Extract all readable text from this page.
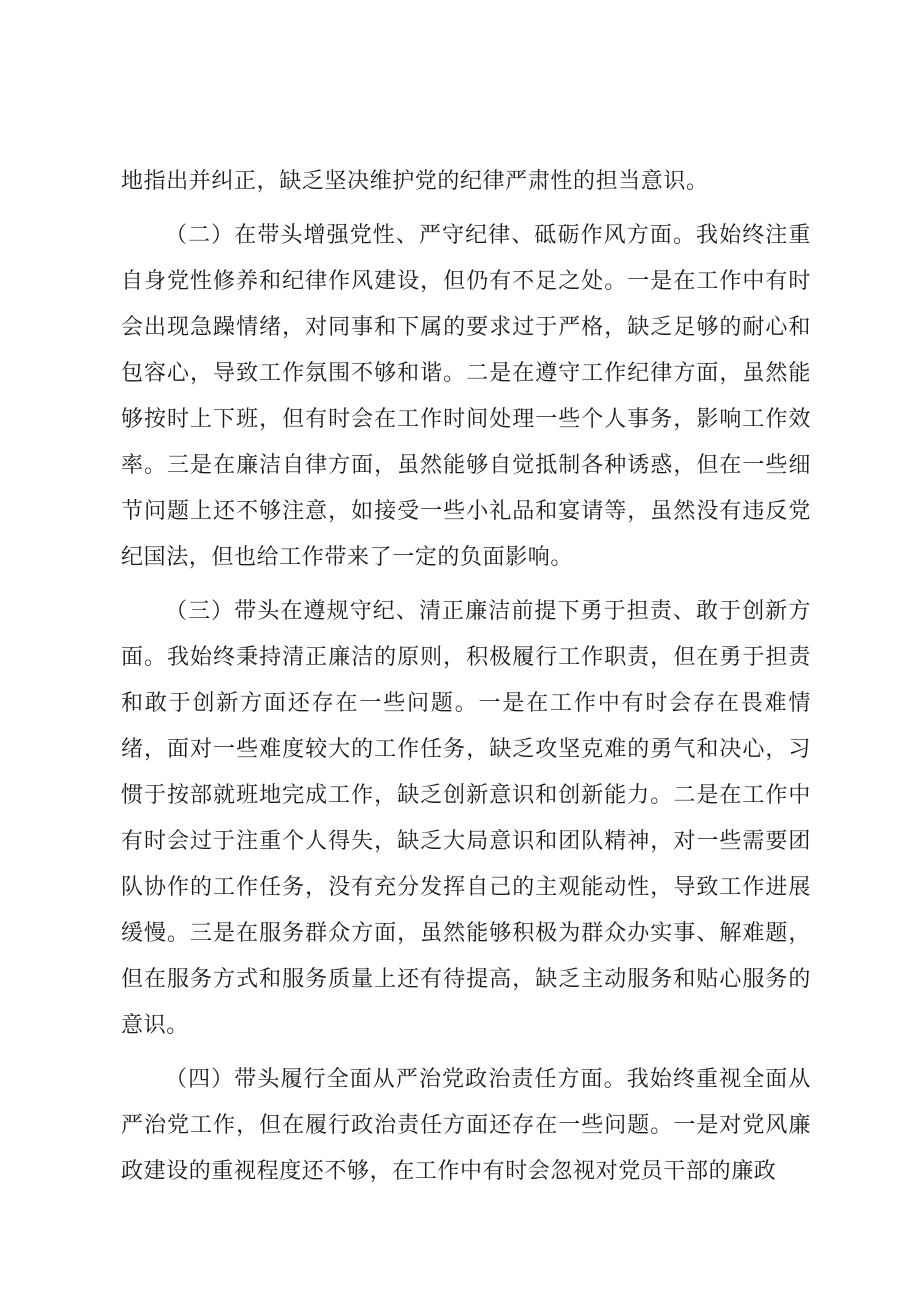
地指出并纠正，缺乏坚决维护党的纪律严肃性的担当意识。

（二）在带头增强党性、严守纪律、砥砺作风方面。我始终注重自身党性修养和纪律作风建设，但仍有不足之处。一是在工作中有时会出现急躁情绪，对同事和下属的要求过于严格，缺乏足够的耐心和包容心，导致工作氛围不够和谐。二是在遵守工作纪律方面，虽然能够按时上下班，但有时会在工作时间处理一些个人事务，影响工作效率。三是在廉洁自律方面，虽然能够自觉抵制各种诱惑，但在一些细节问题上还不够注意，如接受一些小礼品和宴请等，虽然没有违反党纪国法，但也给工作带来了一定的负面影响。

（三）带头在遵规守纪、清正廉洁前提下勇于担责、敢于创新方面。我始终秉持清正廉洁的原则，积极履行工作职责，但在勇于担责和敢于创新方面还存在一些问题。一是在工作中有时会存在畏难情绪，面对一些难度较大的工作任务，缺乏攻坚克难的勇气和决心，习惯于按部就班地完成工作，缺乏创新意识和创新能力。二是在工作中有时会过于注重个人得失，缺乏大局意识和团队精神，对一些需要团队协作的工作任务，没有充分发挥自己的主观能动性，导致工作进展缓慢。三是在服务群众方面，虽然能够积极为群众办实事、解难题，但在服务方式和服务质量上还有待提高，缺乏主动服务和贴心服务的意识。

（四）带头履行全面从严治党政治责任方面。我始终重视全面从严治党工作，但在履行政治责任方面还存在一些问题。一是对党风廉政建设的重视程度还不够，在工作中有时会忽视对党员干部的廉政
